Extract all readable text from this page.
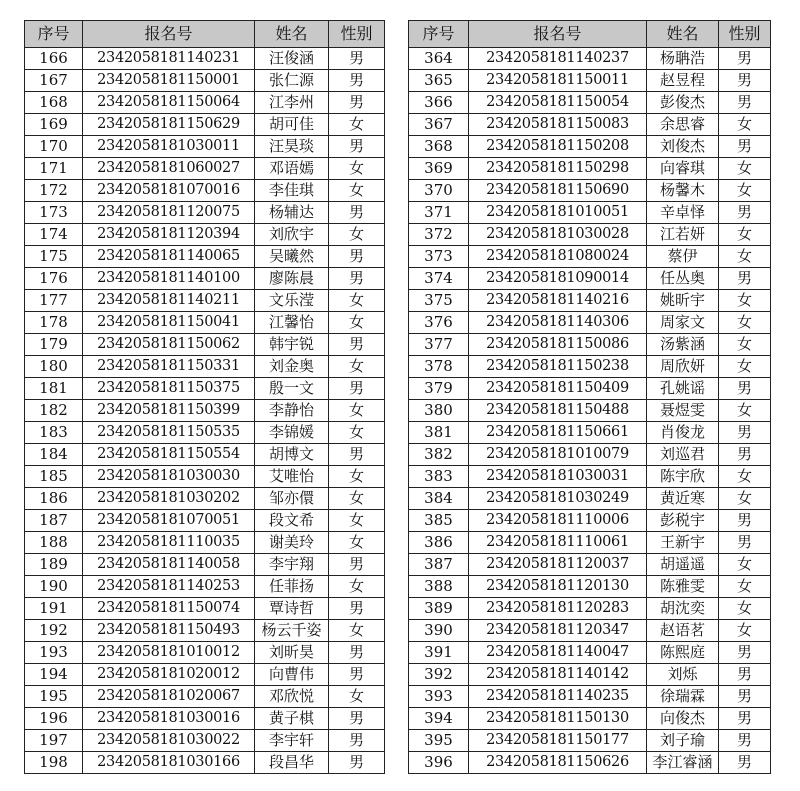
序号	报名号	姓名	性别
166	2342058181140231	汪俊涵	男
167	2342058181150001	张仁源	男
168	2342058181150064	江李州	男
169	2342058181150629	胡可佳	女
170	2342058181030011	汪昊琰	男
171	2342058181060027	邓语嫣	女
172	2342058181070016	李佳琪	女
173	2342058181120075	杨辅达	男
174	2342058181120394	刘欣宇	女
175	2342058181140065	吴曦然	男
176	2342058181140100	廖陈晨	男
177	2342058181140211	文乐滢	女
178	2342058181150041	江馨怡	女
179	2342058181150062	韩宇锐	男
180	2342058181150331	刘金奥	女
181	2342058181150375	殷一文	男
182	2342058181150399	李静怡	女
183	2342058181150535	李锦媛	女
184	2342058181150554	胡博文	男
185	2342058181030030	艾唯怡	女
186	2342058181030202	邹亦儇	女
187	2342058181070051	段文希	女
188	2342058181110035	谢美玲	女
189	2342058181140058	李宇翔	男
190	2342058181140253	任菲扬	女
191	2342058181150074	覃诗哲	男
192	2342058181150493	杨云千姿	女
193	2342058181010012	刘昕昊	男
194	2342058181020012	向曹伟	男
195	2342058181020067	邓欣悦	女
196	2342058181030016	黄子棋	男
197	2342058181030022	李宇轩	男
198	2342058181030166	段昌华	男
序号	报名号	姓名	性别
364	2342058181140237	杨聃浩	男
365	2342058181150011	赵昱程	男
366	2342058181150054	彭俊杰	男
367	2342058181150083	余思睿	女
368	2342058181150208	刘俊杰	男
369	2342058181150298	向睿琪	女
370	2342058181150690	杨馨木	女
371	2342058181010051	辛卓怿	男
372	2342058181030028	江若妍	女
373	2342058181080024	蔡伊	女
374	2342058181090014	任丛奥	男
375	2342058181140216	姚昕宇	女
376	2342058181140306	周家文	女
377	2342058181150086	汤紫涵	女
378	2342058181150238	周欣妍	女
379	2342058181150409	孔姚谣	男
380	2342058181150488	聂煜雯	女
381	2342058181150661	肖俊龙	男
382	2342058181010079	刘巡君	男
383	2342058181030031	陈宇欣	女
384	2342058181030249	黄近寒	女
385	2342058181110006	彭税宇	男
386	2342058181110061	王新宇	男
387	2342058181120037	胡遥遥	女
388	2342058181120130	陈雅雯	女
389	2342058181120283	胡沈奕	女
390	2342058181120347	赵语茗	女
391	2342058181140047	陈熙庭	男
392	2342058181140142	刘烁	男
393	2342058181140235	徐瑞霖	男
394	2342058181150130	向俊杰	男
395	2342058181150177	刘子瑜	男
396	2342058181150626	李江睿涵	男
